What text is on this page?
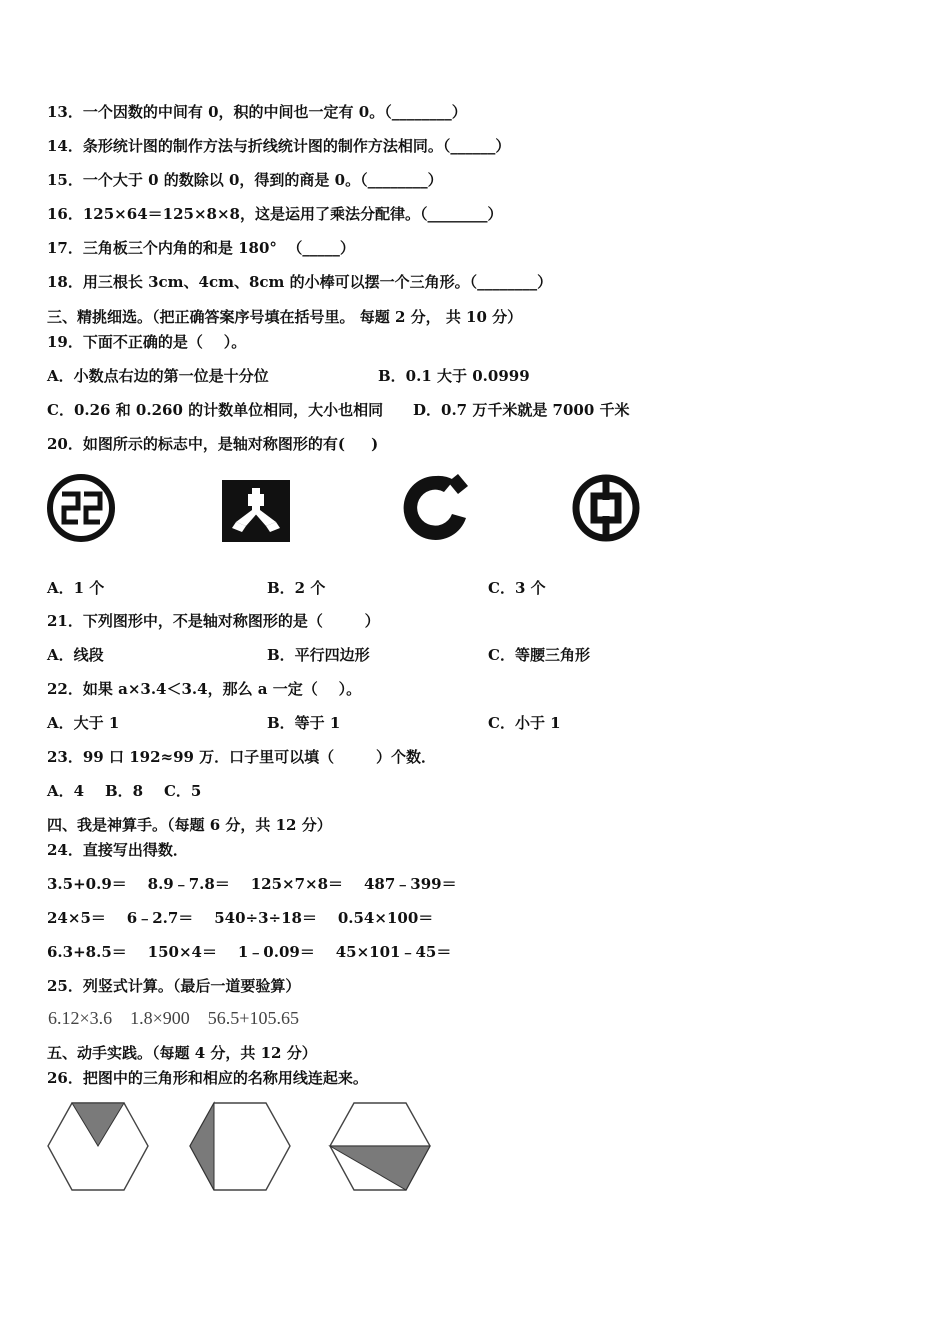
13．一个因数的中间有 0，积的中间也一定有 0。（________）
14．条形统计图的制作方法与折线统计图的制作方法相同。（______）
15．一个大于 0 的数除以 0，得到的商是 0。（________）
16．125×64＝125×8×8，这是运用了乘法分配律。（________）
17．三角板三个内角的和是 180°  （_____）
18．用三根长 3cm、4cm、8cm 的小棒可以摆一个三角形。（________）
三、精挑细选。（把正确答案序号填在括号里。 每题 2 分， 共 10 分）
19．下面不正确的是（    ）。
A．小数点右边的第一位是十分位	B．0.1 大于 0.0999
C．0.26 和 0.260 的计数单位相同，大小也相同 D．0.7 万千米就是 7000 千米
20．如图所示的标志中，是轴对称图形的有(     )
A．1 个	B．2 个	C．3 个
21．下列图形中，不是轴对称图形的是（        ）
A．线段	B．平行四边形	C．等腰三角形
22．如果 a×3.4＜3.4，那么 a 一定（    ）。
A．大于 1	B．等于 1	C．小于 1
23．99 口 192≈99 万．口子里可以填（        ）个数．
A．4    B．8    C．5
四、我是神算手。（每题 6 分，共 12 分）
24．直接写出得数．
3.5+0.9＝    8.9﹣7.8＝    125×7×8＝    487﹣399＝
24×5＝    6﹣2.7＝    540÷3÷18＝    0.54×100＝
6.3+8.5＝    150×4＝    1﹣0.09＝    45×101﹣45＝
25．列竖式计算。（最后一道要验算）
6.12×3.6    1.8×900    56.5+105.65
五、动手实践。（每题 4 分，共 12 分）
26．把图中的三角形和相应的名称用线连起来。
